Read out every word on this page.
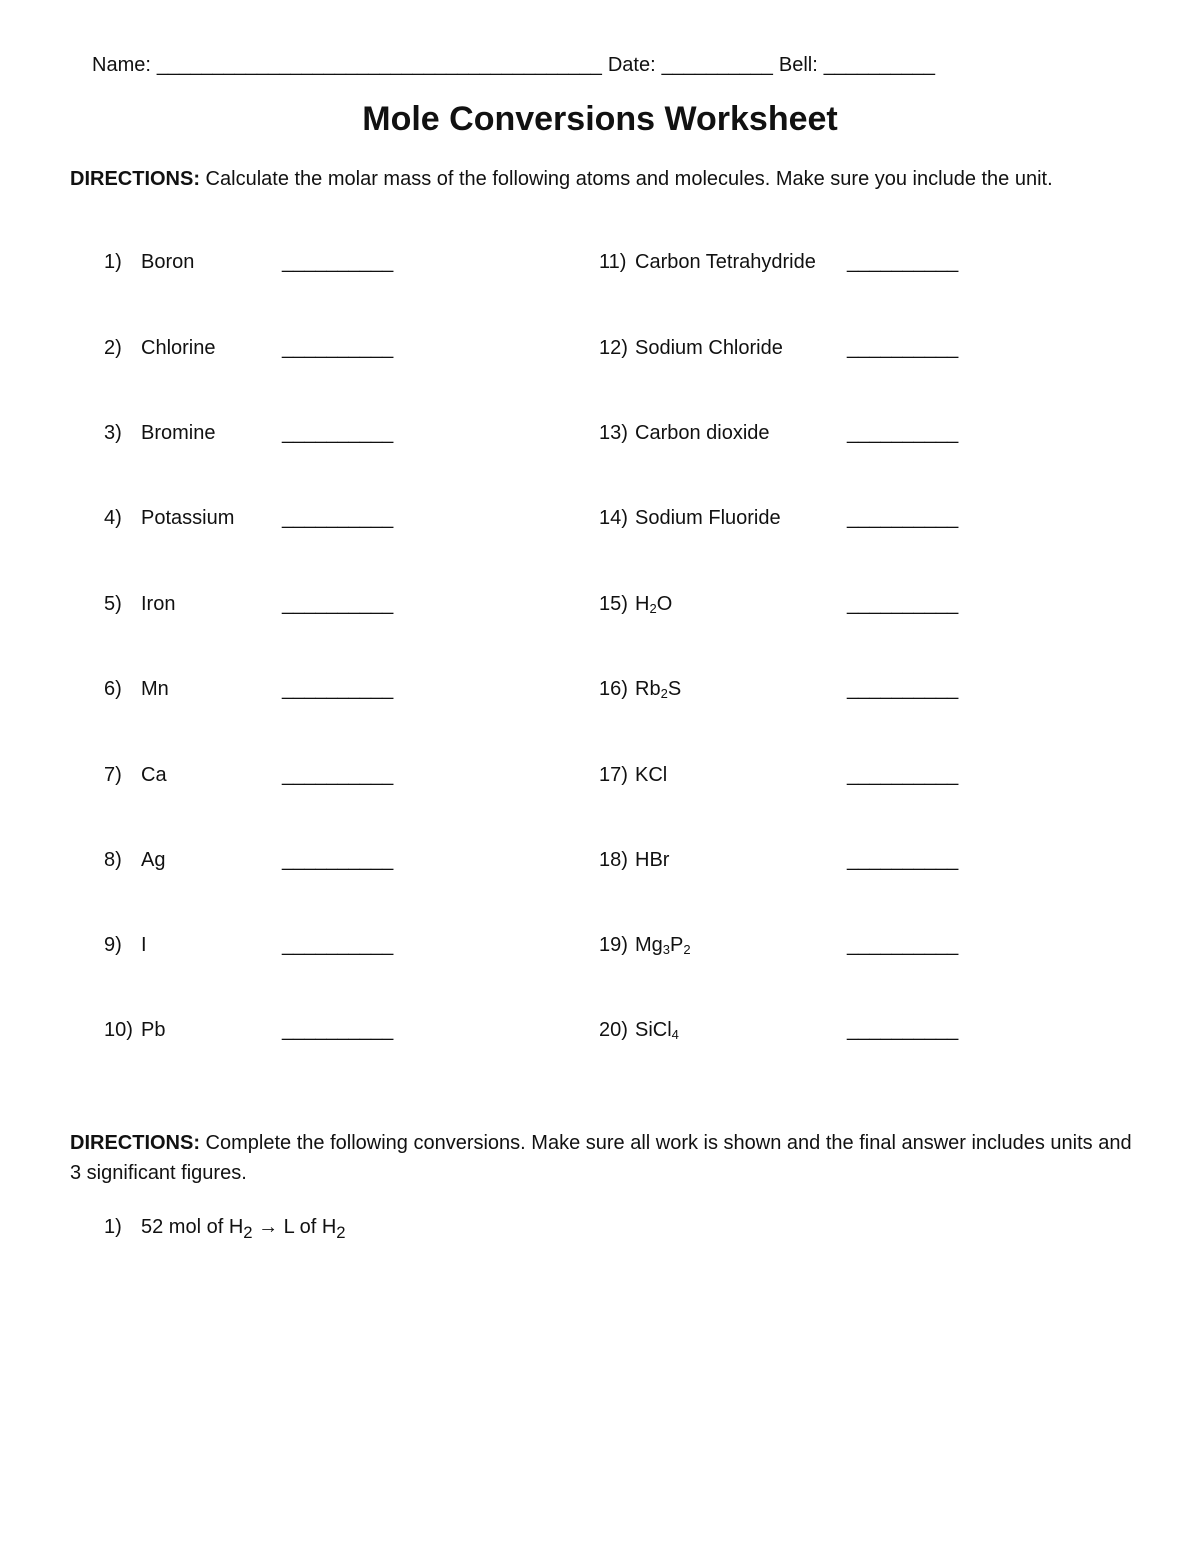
Name: ________________________________________ Date: __________ Bell: __________
Mole Conversions Worksheet
DIRECTIONS: Calculate the molar mass of the following atoms and molecules. Make sure you include the unit.
1) Boron	__________
2) Chlorine	__________
3) Bromine	__________
4) Potassium __________
5) Iron	__________
6) Mn	__________
7) Ca	__________
8) Ag	__________
9) I	__________
10) Pb	__________
11) Carbon Tetrahydride __________
12) Sodium Chloride	__________
13) Carbon dioxide	__________
14) Sodium Fluoride	__________
15) $H_2O$	__________
16) $Rb_2S$	__________
17) KCl	__________
18) HBr	__________
19) $Mg_3P_2$	__________
20) SiCl$_4$	__________
DIRECTIONS: Complete the following conversions. Make sure all work is shown and the final answer includes units and 3 significant figures.
1) 52 mol of $H_2 \to L$ of $H_2$
